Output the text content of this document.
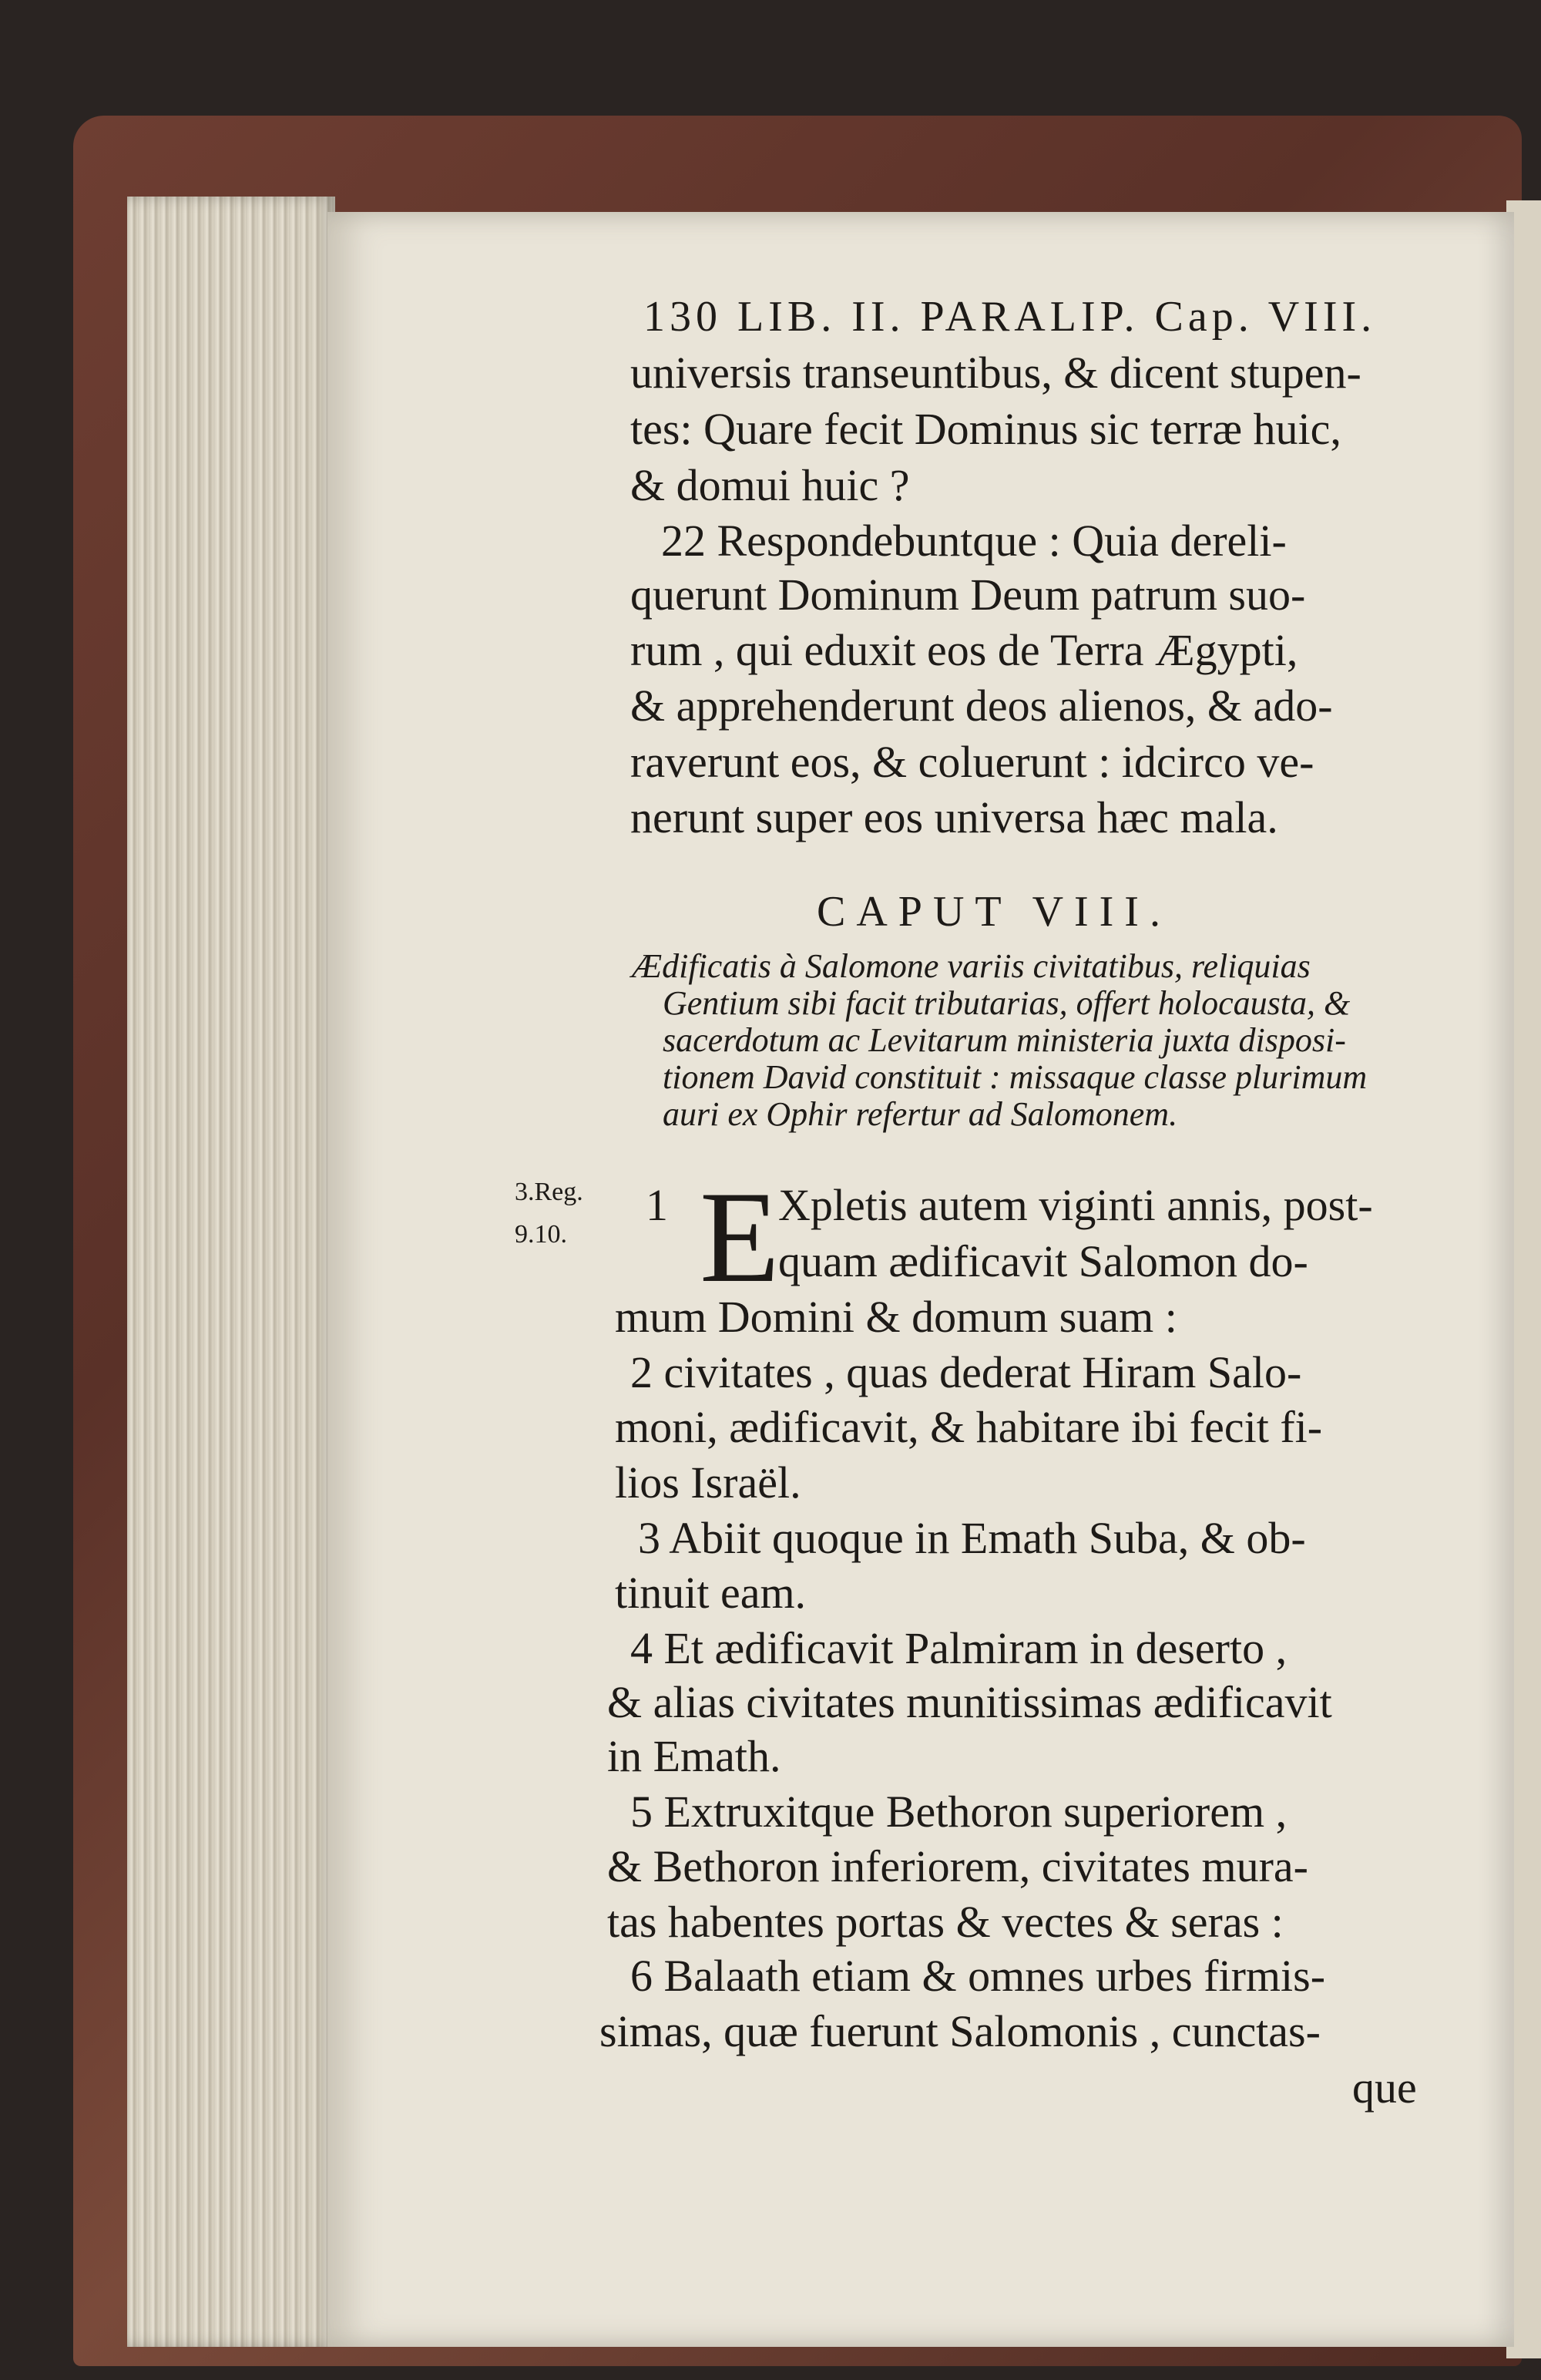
130 LIB. II. PARALIP. Cap. VIII.
universis transeuntibus, & dicent stupen-
tes: Quare fecit Dominus sic terræ huic,
& domui huic ?
22 Respondebuntque : Quia dereli-
querunt Dominum Deum patrum suo-
rum , qui eduxit eos de Terra Ægypti,
& apprehenderunt deos alienos, & ado-
raverunt eos, & coluerunt : idcirco ve-
nerunt super eos universa hæc mala.
CAPUT VIII.
Ædificatis à Salomone variis civitatibus, reliquias
Gentium sibi facit tributarias, offert holocausta, &
sacerdotum ac Levitarum ministeria juxta disposi-
tionem David constituit : missaque classe plurimum
auri ex Ophir refertur ad Salomonem.
3.Reg.
9.10.
1 E
Xpletis autem viginti annis, post-
quam ædificavit Salomon do-
mum Domini & domum suam :
2 civitates , quas dederat Hiram Salo-
moni, ædificavit, & habitare ibi fecit fi-
lios Israël.
3 Abiit quoque in Emath Suba, & ob-
tinuit eam.
4 Et ædificavit Palmiram in deserto ,
& alias civitates munitissimas ædificavit
in Emath.
5 Extruxitque Bethoron superiorem ,
& Bethoron inferiorem, civitates mura-
tas habentes portas & vectes & seras :
6 Balaath etiam & omnes urbes firmis-
simas, quæ fuerunt Salomonis , cunctas-
que
